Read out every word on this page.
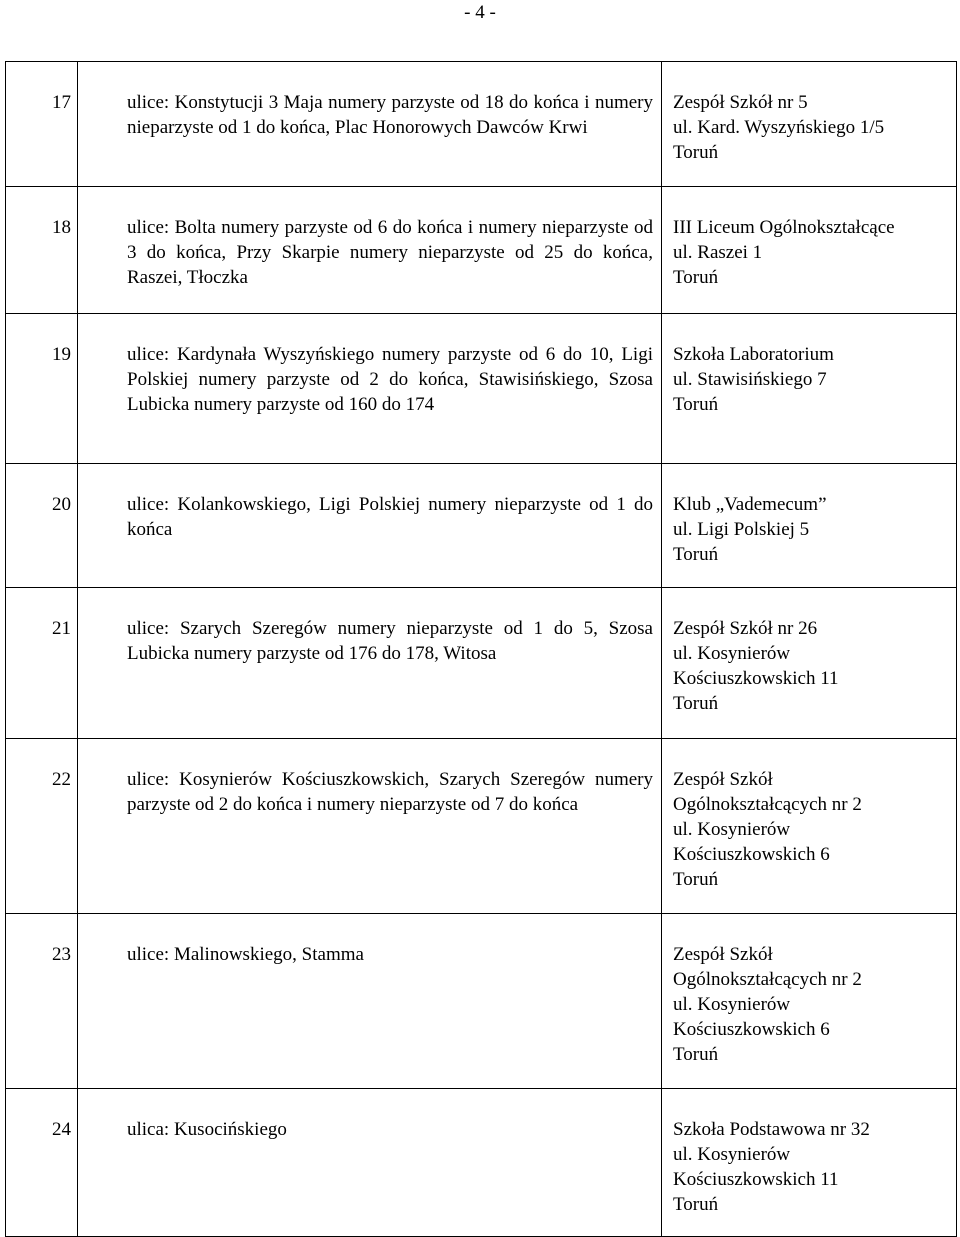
- 4 -
17	ulice: Konstytucji 3 Maja numery parzyste od 18 do końca i numery nieparzyste od 1 do końca, Plac Honorowych Dawców Krwi	Zespół Szkół nr 5
ul. Kard. Wyszyńskiego 1/5
Toruń

18	ulice: Bolta numery parzyste od 6 do końca i numery nieparzyste od 3 do końca, Przy Skarpie numery nieparzyste od 25 do końca, Raszei, Tłoczka	III Liceum Ogólnokształcące
ul. Raszei 1
Toruń

19	ulice: Kardynała Wyszyńskiego numery parzyste od 6 do 10, Ligi Polskiej numery parzyste od 2 do końca, Stawisińskiego, Szosa Lubicka numery parzyste od 160 do 174	Szkoła Laboratorium
ul. Stawisińskiego 7
Toruń

20	ulice: Kolankowskiego, Ligi Polskiej numery nieparzyste od 1 do końca	Klub „Vademecum”
ul. Ligi Polskiej 5
Toruń

21	ulice: Szarych Szeregów numery nieparzyste od 1 do 5, Szosa Lubicka numery parzyste od 176 do 178, Witosa	Zespół Szkół nr 26
ul. Kosynierów
Kościuszkowskich 11
Toruń

22	ulice: Kosynierów Kościuszkowskich, Szarych Szeregów numery parzyste od 2 do końca i numery nieparzyste od 7 do końca	Zespół Szkół
Ogólnokształcących nr 2
ul. Kosynierów
Kościuszkowskich 6
Toruń

23	ulice: Malinowskiego, Stamma	Zespół Szkół
Ogólnokształcących nr 2
ul. Kosynierów
Kościuszkowskich 6
Toruń

24	ulica: Kusocińskiego	Szkoła Podstawowa nr 32
ul. Kosynierów
Kościuszkowskich 11
Toruń
